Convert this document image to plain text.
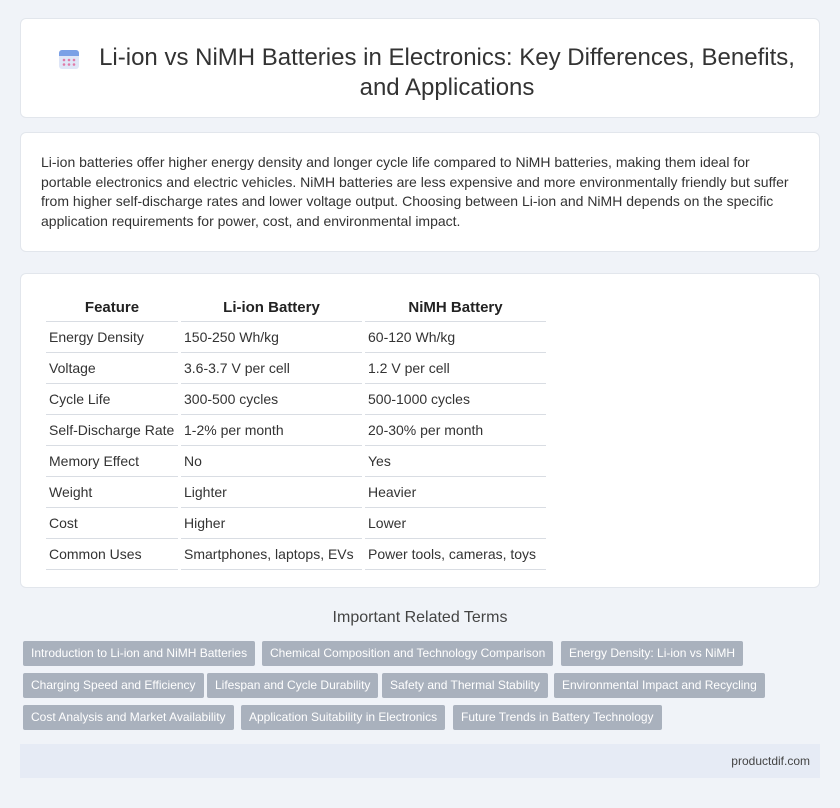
Li-ion vs NiMH Batteries in Electronics: Key Differences, Benefits, and Applications

Li-ion batteries offer higher energy density and longer cycle life compared to NiMH batteries, making them ideal for portable electronics and electric vehicles. NiMH batteries are less expensive and more environmentally friendly but suffer from higher self-discharge rates and lower voltage output. Choosing between Li-ion and NiMH depends on the specific application requirements for power, cost, and environmental impact.

Feature	Li-ion Battery	NiMH Battery
Energy Density	150-250 Wh/kg	60-120 Wh/kg
Voltage	3.6-3.7 V per cell	1.2 V per cell
Cycle Life	300-500 cycles	500-1000 cycles
Self-Discharge Rate	1-2% per month	20-30% per month
Memory Effect	No	Yes
Weight	Lighter	Heavier
Cost	Higher	Lower
Common Uses	Smartphones, laptops, EVs	Power tools, cameras, toys
Important Related Terms
Introduction to Li-ion and NiMH Batteries	Chemical Composition and Technology Comparison	Energy Density: Li-ion vs NiMH
Charging Speed and Efficiency	Lifespan and Cycle Durability	Safety and Thermal Stability	Environmental Impact and Recycling
Cost Analysis and Market Availability	Application Suitability in Electronics	Future Trends in Battery Technology
productdif.com
